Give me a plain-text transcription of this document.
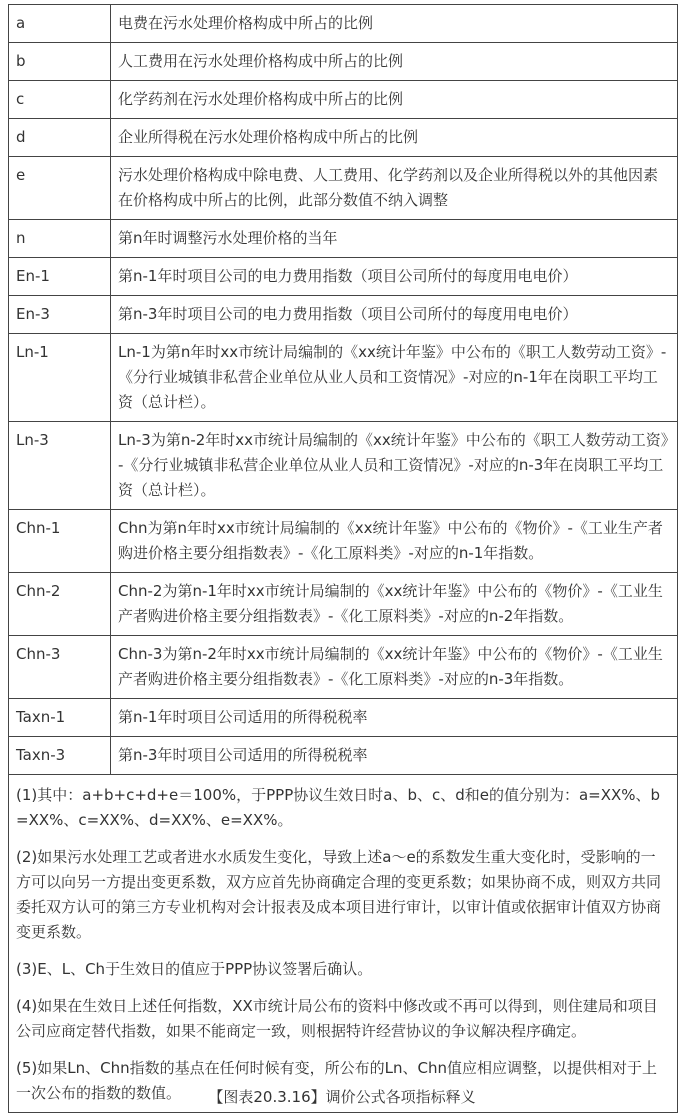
a	电费在污水处理价格构成中所占的比例
b	人工费用在污水处理价格构成中所占的比例
c	化学药剂在污水处理价格构成中所占的比例
d	企业所得税在污水处理价格构成中所占的比例
e	污水处理价格构成中除电费、人工费用、化学药剂以及企业所得税以外的其他因素在价格构成中所占的比例，此部分数值不纳入调整
n	第n年时调整污水处理价格的当年
En-1	第n-1年时项目公司的电力费用指数（项目公司所付的每度用电电价）
En-3	第n-3年时项目公司的电力费用指数（项目公司所付的每度用电电价）
Ln-1	Ln-1为第n年时xx市统计局编制的《xx统计年鉴》中公布的《职工人数劳动工资》-《分行业城镇非私营企业单位从业人员和工资情况》-对应的n-1年在岗职工平均工资（总计栏）。
Ln-3	Ln-3为第n-2年时xx市统计局编制的《xx统计年鉴》中公布的《职工人数劳动工资》-《分行业城镇非私营企业单位从业人员和工资情况》-对应的n-3年在岗职工平均工资（总计栏）。
Chn-1	Chn为第n年时xx市统计局编制的《xx统计年鉴》中公布的《物价》-《工业生产者购进价格主要分组指数表》-《化工原料类》-对应的n-1年指数。
Chn-2	Chn-2为第n-1年时xx市统计局编制的《xx统计年鉴》中公布的《物价》-《工业生产者购进价格主要分组指数表》-《化工原料类》-对应的n-2年指数。
Chn-3	Chn-3为第n-2年时xx市统计局编制的《xx统计年鉴》中公布的《物价》-《工业生产者购进价格主要分组指数表》-《化工原料类》-对应的n-3年指数。
Taxn-1	第n-1年时项目公司适用的所得税税率
Taxn-3	第n-3年时项目公司适用的所得税税率

(1)其中：a+b+c+d+e＝100%，于PPP协议生效日时a、b、c、d和e的值分别为：a=XX%、b=XX%、c=XX%、d=XX%、e=XX%。

(2)如果污水处理工艺或者进水水质发生变化，导致上述a～e的系数发生重大变化时，受影响的一方可以向另一方提出变更系数，双方应首先协商确定合理的变更系数；如果协商不成，则双方共同委托双方认可的第三方专业机构对会计报表及成本项目进行审计，以审计值或依据审计值双方协商变更系数。

(3)E、L、Ch于生效日的值应于PPP协议签署后确认。

(4)如果在生效日上述任何指数，XX市统计局公布的资料中修改或不再可以得到，则住建局和项目公司应商定替代指数，如果不能商定一致，则根据特许经营协议的争议解决程序确定。

(5)如果Ln、Chn指数的基点在任何时候有变，所公布的Ln、Chn值应相应调整，以提供相对于上一次公布的指数的数值。		【图表20.3.16】调价公式各项指标释义
